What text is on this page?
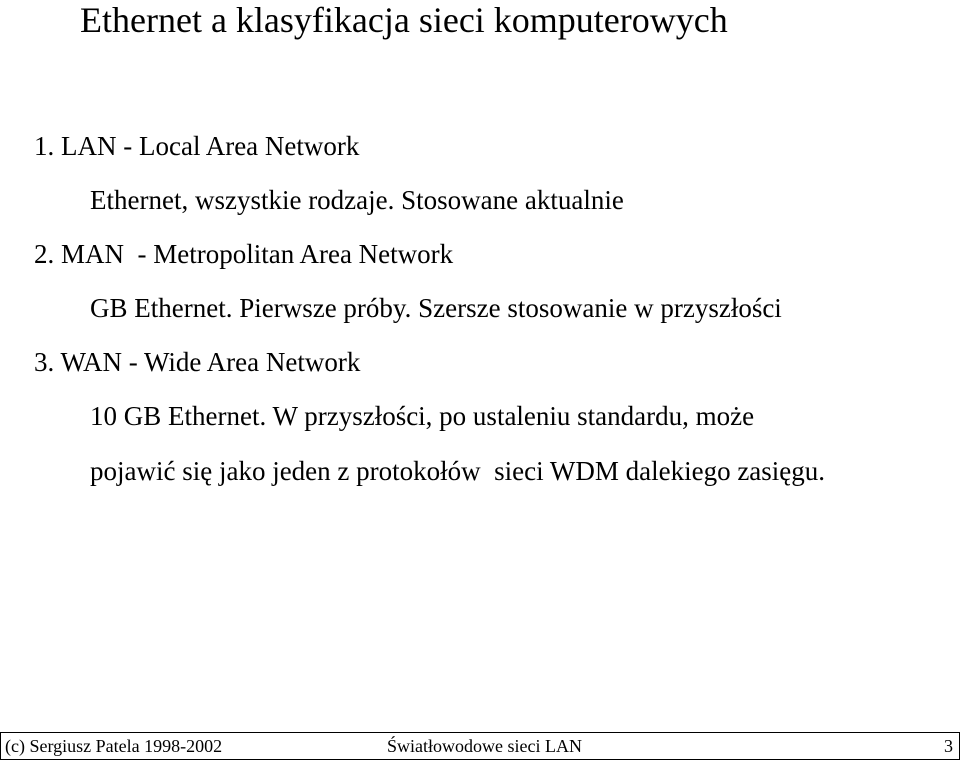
Ethernet a klasyfikacja sieci komputerowych

1. LAN - Local Area Network

Ethernet, wszystkie rodzaje. Stosowane aktualnie

2. MAN  - Metropolitan Area Network

GB Ethernet. Pierwsze próby. Szersze stosowanie w przyszłości

3. WAN - Wide Area Network

10 GB Ethernet. W przyszłości, po ustaleniu standardu, może

pojawić się jako jeden z protokołów  sieci WDM dalekiego zasięgu.

(c) Sergiusz Patela 1998-2002	Światłowodowe sieci LAN	3
